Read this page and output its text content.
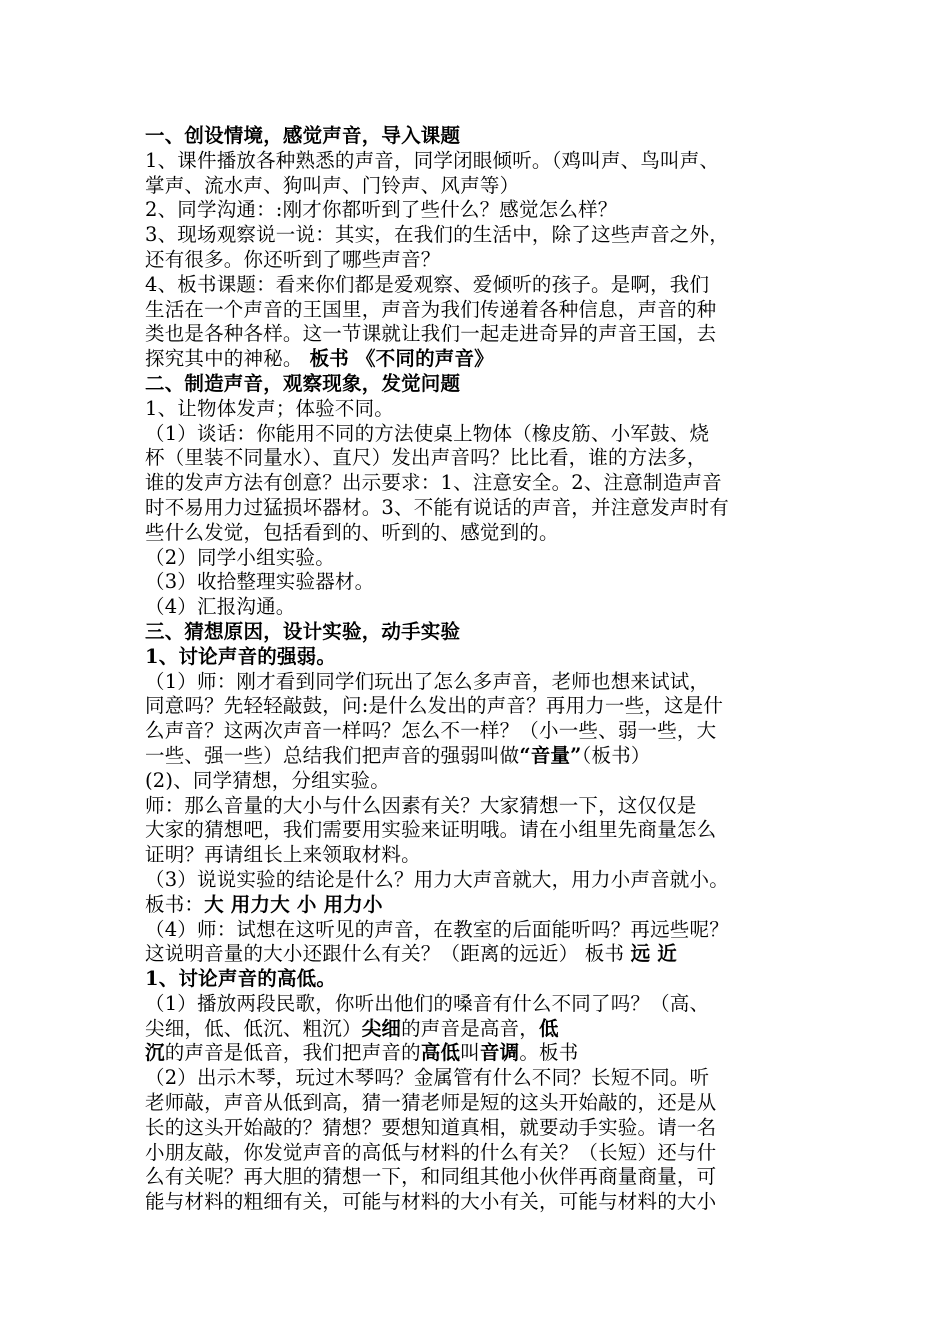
一、创设情境，感觉声音，导入课题

1、课件播放各种熟悉的声音，同学闭眼倾听。（鸡叫声、鸟叫声、

掌声、流水声、狗叫声、门铃声、风声等）

2、同学沟通：:刚才你都听到了些什么？感觉怎么样？

3、现场观察说一说：其实，在我们的生活中，除了这些声音之外，

还有很多。你还听到了哪些声音？

4、板书课题：看来你们都是爱观察、爱倾听的孩子。是啊，我们

生活在一个声音的王国里，声音为我们传递着各种信息，声音的种

类也是各种各样。这一节课就让我们一起走进奇异的声音王国，去

探究其中的神秘。 板书 《不同的声音》

二、制造声音，观察现象，发觉问题

1、让物体发声；体验不同。

（1）谈话：你能用不同的方法使桌上物体（橡皮筋、小军鼓、烧

杯（里装不同量水）、直尺）发出声音吗？比比看，谁的方法多，

谁的发声方法有创意？出示要求：1、注意安全。2、注意制造声音

时不易用力过猛损坏器材。3、不能有说话的声音，并注意发声时有

些什么发觉，包括看到的、听到的、感觉到的。

（2）同学小组实验。

（3）收拾整理实验器材。

（4）汇报沟通。

三、猜想原因，设计实验，动手实验

1、讨论声音的强弱。

（1）师：刚才看到同学们玩出了怎么多声音，老师也想来试试，

同意吗？先轻轻敲鼓，问:是什么发出的声音？再用力一些，这是什

么声音？这两次声音一样吗？怎么不一样？（小一些、弱一些，大

一些、强一些）总结我们把声音的强弱叫做“音量”（板书）

(2)、同学猜想，分组实验。

师：那么音量的大小与什么因素有关？大家猜想一下，这仅仅是

大家的猜想吧，我们需要用实验来证明哦。请在小组里先商量怎么

证明？再请组长上来领取材料。

（3）说说实验的结论是什么？用力大声音就大，用力小声音就小。

板书：大 用力大 小 用力小

（4）师：试想在这听见的声音，在教室的后面能听吗？再远些呢？

这说明音量的大小还跟什么有关？（距离的远近） 板书 远 近

1、讨论声音的高低。

（1）播放两段民歌，你听出他们的嗓音有什么不同了吗？（高、

尖细，低、低沉、粗沉）尖细的声音是高音，低

沉的声音是低音，我们把声音的高低叫音调。板书

（2）出示木琴，玩过木琴吗？金属管有什么不同？长短不同。听

老师敲，声音从低到高，猜一猜老师是短的这头开始敲的，还是从

长的这头开始敲的？猜想？要想知道真相，就要动手实验。请一名

小朋友敲，你发觉声音的高低与材料的什么有关？（长短）还与什

么有关呢？再大胆的猜想一下，和同组其他小伙伴再商量商量，可

能与材料的粗细有关，可能与材料的大小有关，可能与材料的大小
